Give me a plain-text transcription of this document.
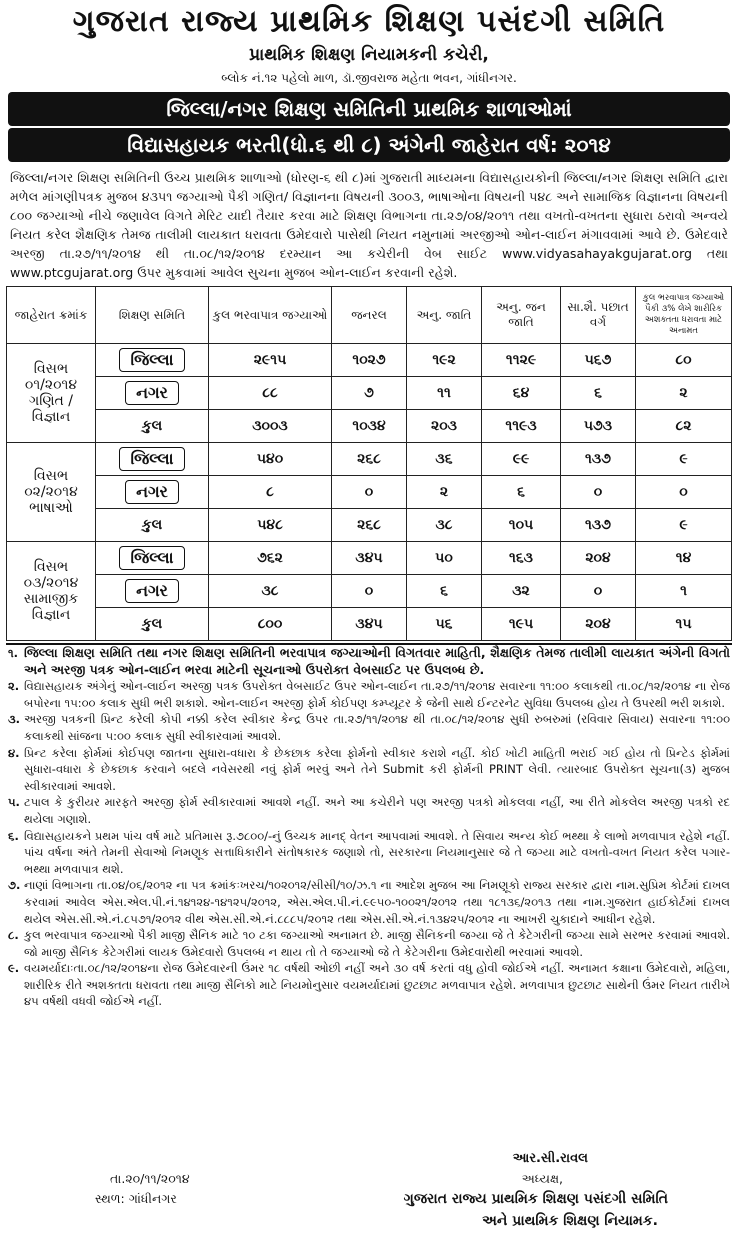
ગુજરાત રાજ્ય પ્રાથમિક શિક્ષણ પસંદગી સમિતિ
પ્રાથમિક શિક્ષણ નિયામકની કચેરી,
બ્લોક નં.૧૨ પહેલો માળ, ડૉ.જીવરાજ મહેતા ભવન, ગાંધીનગર.
જિલ્લા/નગર શિક્ષણ સમિતિની પ્રાથમિક શાળાઓમાં
વિદ્યાસહાયક ભરતી(ધો.૬ થી ૮) અંગેની જાહેરાત વર્ષ: ૨૦૧૪
જિલ્લા/નગર શિક્ષણ સમિતિની ઉચ્ચ પ્રાથમિક શાળાઓ (ધોરણ-૬ થી ૮)માં ગુજરાતી માધ્યમના વિદ્યાસહાયકોની જિલ્લા/નગર શિક્ષણ સમિતિ દ્વારા મળેલ માંગણીપત્રક મુજબ ૪૩૫૧ જગ્યાઓ પૈકી ગણિત/ વિજ્ઞાનના વિષયની ૩૦૦૩, ભાષાઓના વિષયની ૫૪૮ અને સામાજિક વિજ્ઞાનના વિષયની ૮૦૦ જગ્યાઓ નીચે જણાવેલ વિગતે મેરિટ યાદી તૈયાર કરવા માટે શિક્ષણ વિભાગના તા.૨૭/૦૪/૨૦૧૧ તથા વખતો-વખતના સુધારા ઠરાવો અન્વયે નિયત કરેલ શૈક્ષણિક તેમજ તાલીમી લાયકાત ધરાવતા ઉમેદવારો પાસેથી નિયત નમુનામાં અરજીઓ ઓન-લાઈન મંગાવવામાં આવે છે. ઉમેદવારે અરજી તા.૨૭/૧૧/૨૦૧૪ થી તા.૦૮/૧૨/૨૦૧૪ દરમ્યાન આ કચેરીની વેબ સાઈટ www.vidyasahayakgujarat.org તથા www.ptcgujarat.org ઉપર મુકવામાં આવેલ સુચના મુજબ ઓન-લાઈન કરવાની રહેશે.
જાહેરાત ક્રમાંક	શિક્ષણ સમિતિ	કુલ ભરવાપાત્ર જગ્યાઓ	જનરલ	અનુ. જાતિ	અનુ. જન જાતિ	સા.શૈ. પછાત વર્ગ	કુલ ભરવાપાત્ર જગ્યાઓ પૈકી ૩% લેખે શારીરિક અશક્તતા ધરાવતા માટે અનામત
વિસભ ૦૧/૨૦૧૪ ગણિત / વિજ્ઞાન	જિલ્લા	૨૯૧૫	૧૦૨૭	૧૯૨	૧૧૨૯	૫૬૭	૮૦
	નગર	૮૮	૭	૧૧	૬૪	૬	૨
	કુલ	૩૦૦૩	૧૦૩૪	૨૦૩	૧૧૯૩	૫૭૩	૮૨
વિસભ ૦૨/૨૦૧૪ ભાષાઓ	જિલ્લા	૫૪૦	૨૬૮	૩૬	૯૯	૧૩૭	૯
	નગર	૮	૦	૨	૬	૦	૦
	કુલ	૫૪૮	૨૬૮	૩૮	૧૦૫	૧૩૭	૯
વિસભ ૦૩/૨૦૧૪ સામાજીક વિજ્ઞાન	જિલ્લા	૭૬૨	૩૪૫	૫૦	૧૬૩	૨૦૪	૧૪
	નગર	૩૮	૦	૬	૩૨	૦	૧
	કુલ	૮૦૦	૩૪૫	૫૬	૧૯૫	૨૦૪	૧૫
૧. જિલ્લા શિક્ષણ સમિતિ તથા નગર શિક્ષણ સમિતિની ભરવાપાત્ર જગ્યાઓની વિગતવાર માહિતી, શૈક્ષણિક તેમજ તાલીમી લાયકાત અંગેની વિગતો અને અરજી પત્રક ઓન-લાઈન ભરવા માટેની સૂચનાઓ ઉપરોક્ત વેબસાઈટ પર ઉપલબ્ધ છે.
૨. વિદ્યાસહાયક અંગેનું ઓન-લાઈન અરજી પત્રક ઉપરોક્ત વેબસાઈટ ઉપર ઓન-લાઈન તા.૨૭/૧૧/૨૦૧૪ સવારના ૧૧:૦૦ કલાકથી તા.૦૮/૧૨/૨૦૧૪ ના રોજ બપોરના ૧૫:૦૦ કલાક સુધી ભરી શકાશે. ઓન-લાઈન અરજી ફોર્મ કોઈપણ કમ્પ્યૂટર કે જેની સાથે ઈન્ટરનેટ સુવિધા ઉપલબ્ધ હોય તે ઉપરથી ભરી શકાશે.
૩. અરજી પત્રકની પ્રિન્ટ કરેલી કોપી નક્કી કરેલ સ્વીકાર કેન્દ્ર ઉપર તા.૨૭/૧૧/૨૦૧૪ થી તા.૦૮/૧૨/૨૦૧૪ સુધી રુબરુમાં (રવિવાર સિવાય) સવારના ૧૧:૦૦ કલાકથી સાંજના ૫:૦૦ કલાક સુધી સ્વીકારવામાં આવશે.
૪. પ્રિન્ટ કરેલા ફોર્મમાં કોઈપણ જાતના સુધારા-વધારા કે છેકછાક કરેલા ફોર્મનો સ્વીકાર કરાશે નહીં. કોઈ ખોટી માહિતી ભરાઈ ગઈ હોય તો પ્રિન્ટેડ ફોર્મમાં સુધારા-વધારા કે છેકછાક કરવાને બદલે નવેસરથી નવું ફોર્મ ભરવું અને તેને Submit કરી ફોર્મની PRINT લેવી. ત્યારબાદ ઉપરોક્ત સૂચના(૩) મુજબ સ્વીકારવામાં આવશે.
૫. ટપાલ કે કુરીયર મારફતે અરજી ફોર્મ સ્વીકારવામાં આવશે નહીં. અને આ કચેરીને પણ અરજી પત્રકો મોકલવા નહીં, આ રીતે મોકલેલ અરજી પત્રકો રદ થયેલા ગણાશે.
૬. વિદ્યાસહાયકને પ્રથમ પાંચ વર્ષ માટે પ્રતિમાસ રૂ.૭૮૦૦/-નું ઉચ્ચક માનદ્ વેતન આપવામાં આવશે. તે સિવાય અન્ય કોઈ ભથ્થા કે લાભો મળવાપાત્ર રહેશે નહીં. પાંચ વર્ષના અંતે તેમની સેવાઓ નિમણૂક સત્તાધિકારીને સંતોષકારક જણાશે તો, સરકારના નિયમાનુસાર જે તે જગ્યા માટે વખતો-વખત નિયત કરેલ પગાર-ભથ્થા મળવાપાત્ર થશે.
૭. નાણાં વિભાગના તા.૦૪/૦૬/૨૦૧૨ ના પત્ર ક્રમાંકઃખરચ/૧૦૨૦૧૨/સીસી/૧૦/ઝ.૧ ના આદેશ મુજબ આ નિમણૂકો રાજ્ય સરકાર દ્વારા નામ.સુપ્રિમ કોર્ટમાં દાખલ કરવામાં આવેલ એસ.એલ.પી.નં.૧૪૧૨૪-૧૪૧૨૫/૨૦૧૨, એસ.એલ.પી.નં.૯૯૫૦-૧૦૦૨૧/૨૦૧૨ તથા ૧૮૧૩૬/૨૦૧૩ તથા નામ.ગુજરાત હાઈકોર્ટમાં દાખલ થયેલ એસ.સી.એ.નં.૮૫૭૧/૨૦૧૨ વીથ એસ.સી.એ.નં.૮૮૮૫/૨૦૧૨ તથા એસ.સી.એ.નં.૧૩૪૨૫/૨૦૧૨ ના આખરી ચુકાદાને આધીન રહેશે.
૮. કુલ ભરવાપાત્ર જગ્યાઓ પૈકી માજી સૈનિક માટે ૧૦ ટકા જગ્યાઓ અનામત છે. માજી સૈનિકની જગ્યા જે તે કેટેગરીની જગ્યા સામે સરભર કરવામાં આવશે. જો માજી સૈનિક કેટેગરીમાં લાયક ઉમેદવારો ઉપલબ્ધ ન થાય તો તે જગ્યાઓ જે તે કેટેગરીના ઉમેદવારોથી ભરવામાં આવશે.
૯. વયમર્યાદાઃતા.૦૮/૧૨/૨૦૧૪ના રોજ ઉમેદવારની ઉંમર ૧૮ વર્ષથી ઓછી નહીં અને ૩૦ વર્ષ કરતાં વધુ હોવી જોઈએ નહીં. અનામત કક્ષાના ઉમેદવારો, મહિલા, શારીરિક રીતે અશક્તતા ધરાવતા તથા માજી સૈનિકો માટે નિયમોનુસાર વયમર્યાદામાં છુટછાટ મળવાપાત્ર રહેશે. મળવાપાત્ર છુટછાટ સાથેની ઉંમર નિયત તારીખે ૪૫ વર્ષથી વધવી જોઈએ નહીં.
આર.સી.રાવલ
અધ્યક્ષ,
ગુજરાત રાજ્ય પ્રાથમિક શિક્ષણ પસંદગી સમિતિ
અને પ્રાથમિક શિક્ષણ નિયામક.
તા.૨૦/૧૧/૨૦૧૪
સ્થળ: ગાંધીનગર
